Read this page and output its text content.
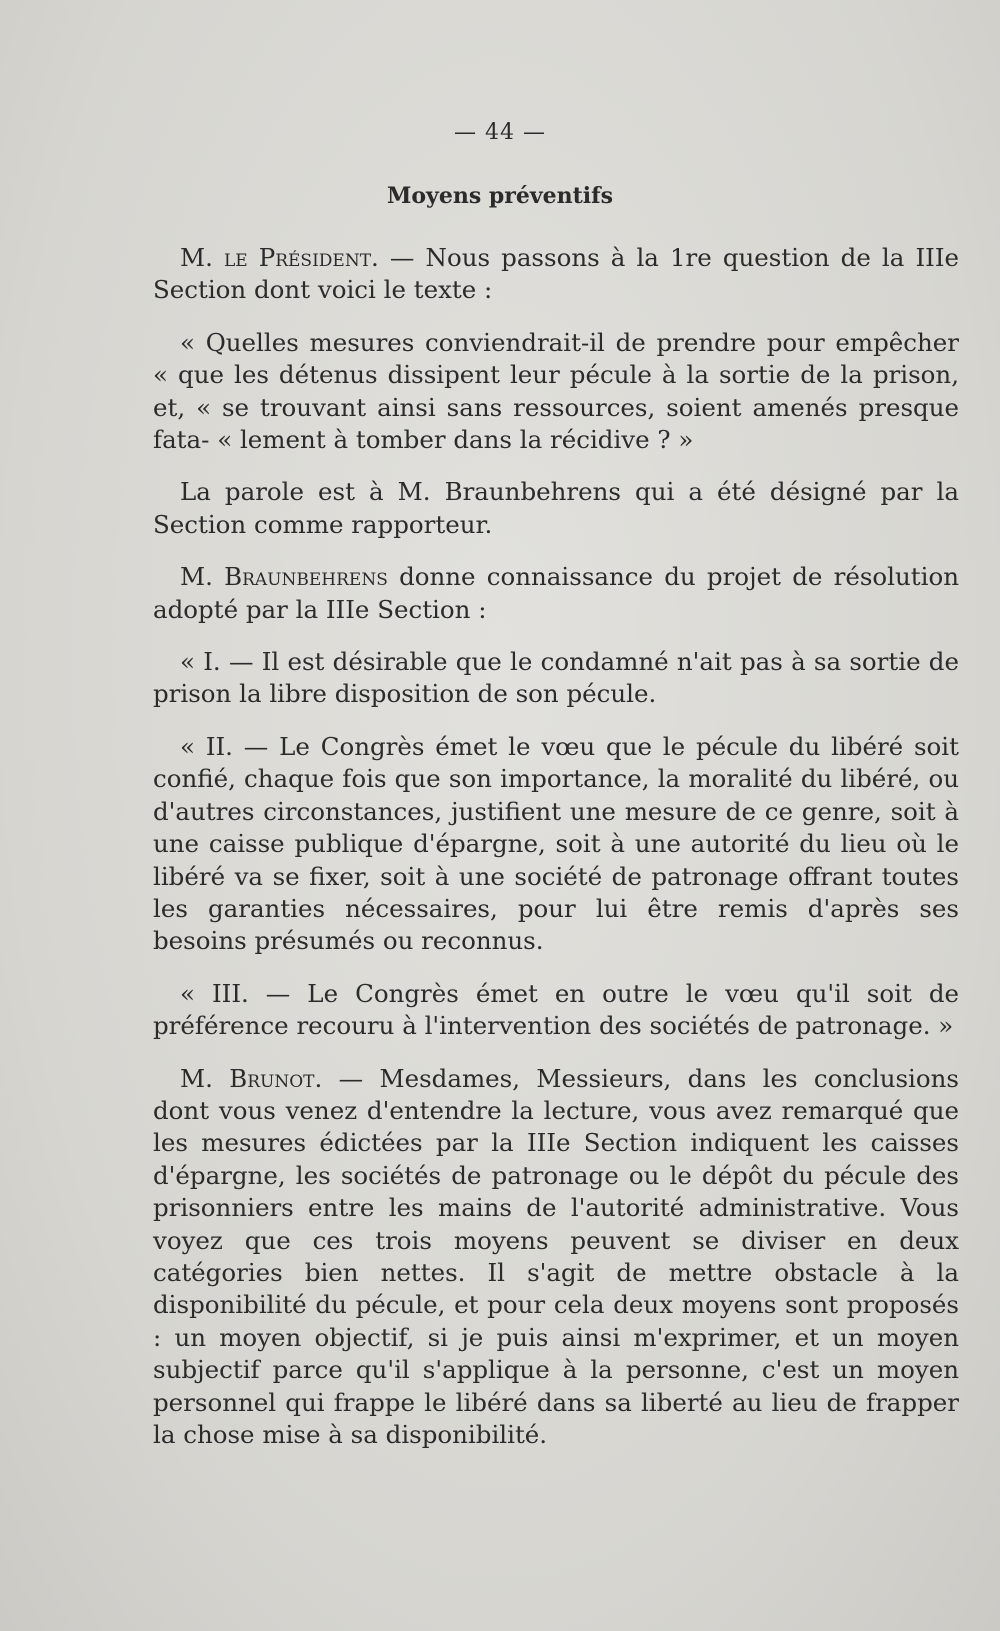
— 44 —
Moyens préventifs

M. le Président. — Nous passons à la 1re question de la IIIe Section dont voici le texte :

« Quelles mesures conviendrait-il de prendre pour empêcher « que les détenus dissipent leur pécule à la sortie de la prison, et, « se trouvant ainsi sans ressources, soient amenés presque fata- « lement à tomber dans la récidive ? »

La parole est à M. Braunbehrens qui a été désigné par la Section comme rapporteur.

M. Braunbehrens donne connaissance du projet de résolution adopté par la IIIe Section :

« I. — Il est désirable que le condamné n'ait pas à sa sortie de prison la libre disposition de son pécule.

« II. — Le Congrès émet le vœu que le pécule du libéré soit confié, chaque fois que son importance, la moralité du libéré, ou d'autres circonstances, justifient une mesure de ce genre, soit à une caisse publique d'épargne, soit à une autorité du lieu où le libéré va se fixer, soit à une société de patronage offrant toutes les garanties nécessaires, pour lui être remis d'après ses besoins présumés ou reconnus.

« III. — Le Congrès émet en outre le vœu qu'il soit de préférence recouru à l'intervention des sociétés de patronage. »

M. Brunot. — Mesdames, Messieurs, dans les conclusions dont vous venez d'entendre la lecture, vous avez remarqué que les mesures édictées par la IIIe Section indiquent les caisses d'épargne, les sociétés de patronage ou le dépôt du pécule des prisonniers entre les mains de l'autorité administrative. Vous voyez que ces trois moyens peuvent se diviser en deux catégories bien nettes. Il s'agit de mettre obstacle à la disponibilité du pécule, et pour cela deux moyens sont proposés : un moyen objectif, si je puis ainsi m'exprimer, et un moyen subjectif parce qu'il s'applique à la personne, c'est un moyen personnel qui frappe le libéré dans sa liberté au lieu de frapper la chose mise à sa disponibilité.
